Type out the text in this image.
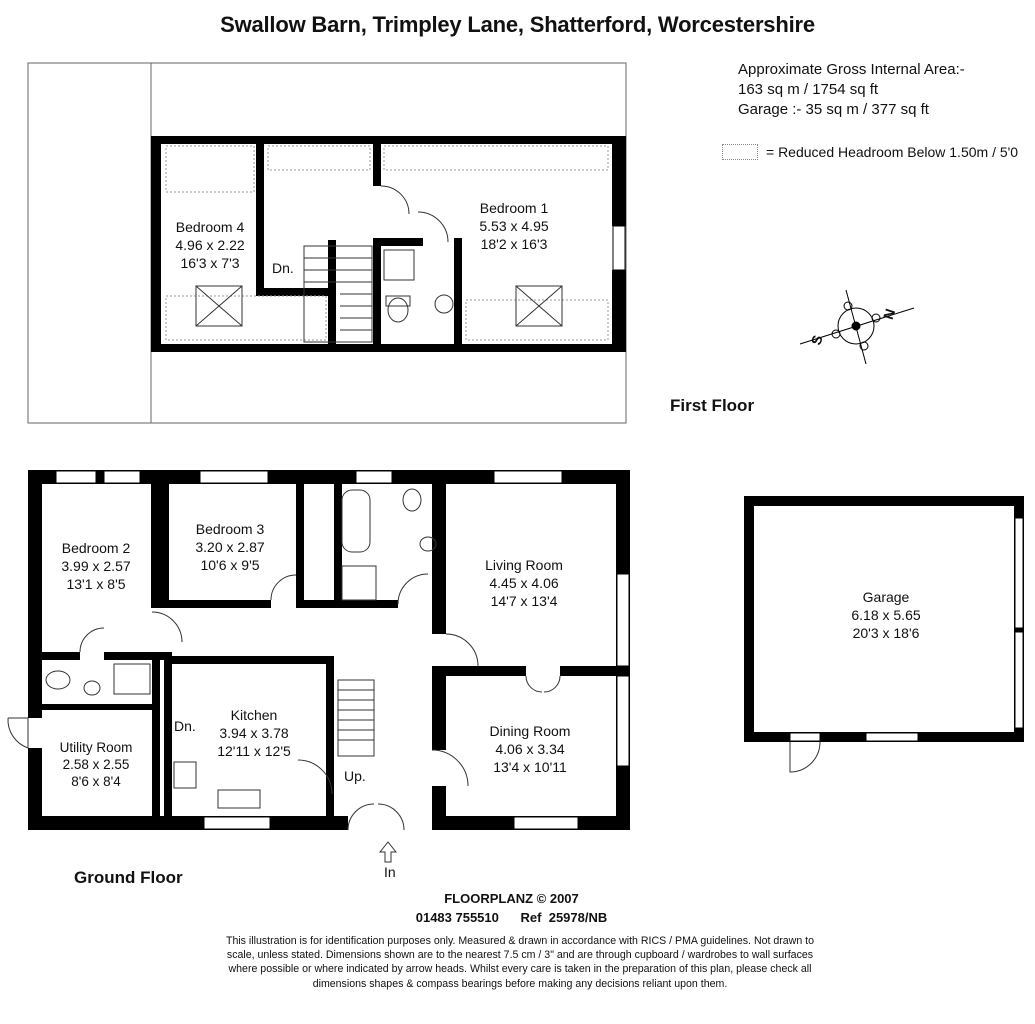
Swallow Barn, Trimpley Lane, Shatterford, Worcestershire
Approximate Gross Internal Area:-
163 sq m / 1754 sq ft
Garage :- 35 sq m / 377 sq ft
= Reduced Headroom Below 1.50m / 5'0
Bedroom 4
4.96 x 2.22
16'3 x 7'3
Bedroom 1
5.53 x 4.95
18'2 x 16'3
Dn.
First Floor
Bedroom 2
3.99 x 2.57
13'1 x 8'5
Bedroom 3
3.20 x 2.87
10'6 x 9'5	Living Room
4.45 x 4.06
14'7 x 13'4
Kitchen
3.94 x 3.78
12'11 x 12'5
Dining Room
4.06 x 3.34
13'4 x 10'11
Utility Room
2.58 x 2.55
8'6 x 8'4
Dn.
Up.
In
Ground Floor
Garage
6.18 x 5.65
20'3 x 18'6
S
N
FLOORPLANZ © 2007
01483 755510      Ref  25978/NB
This illustration is for identification purposes only. Measured & drawn in accordance with RICS / PMA guidelines. Not drawn to scale, unless stated. Dimensions shown are to the nearest 7.5 cm / 3" and are through cupboard / wardrobes to wall surfaces where possible or where indicated by arrow heads. Whilst every care is taken in the preparation of this plan, please check all dimensions shapes & compass bearings before making any decisions reliant upon them.
